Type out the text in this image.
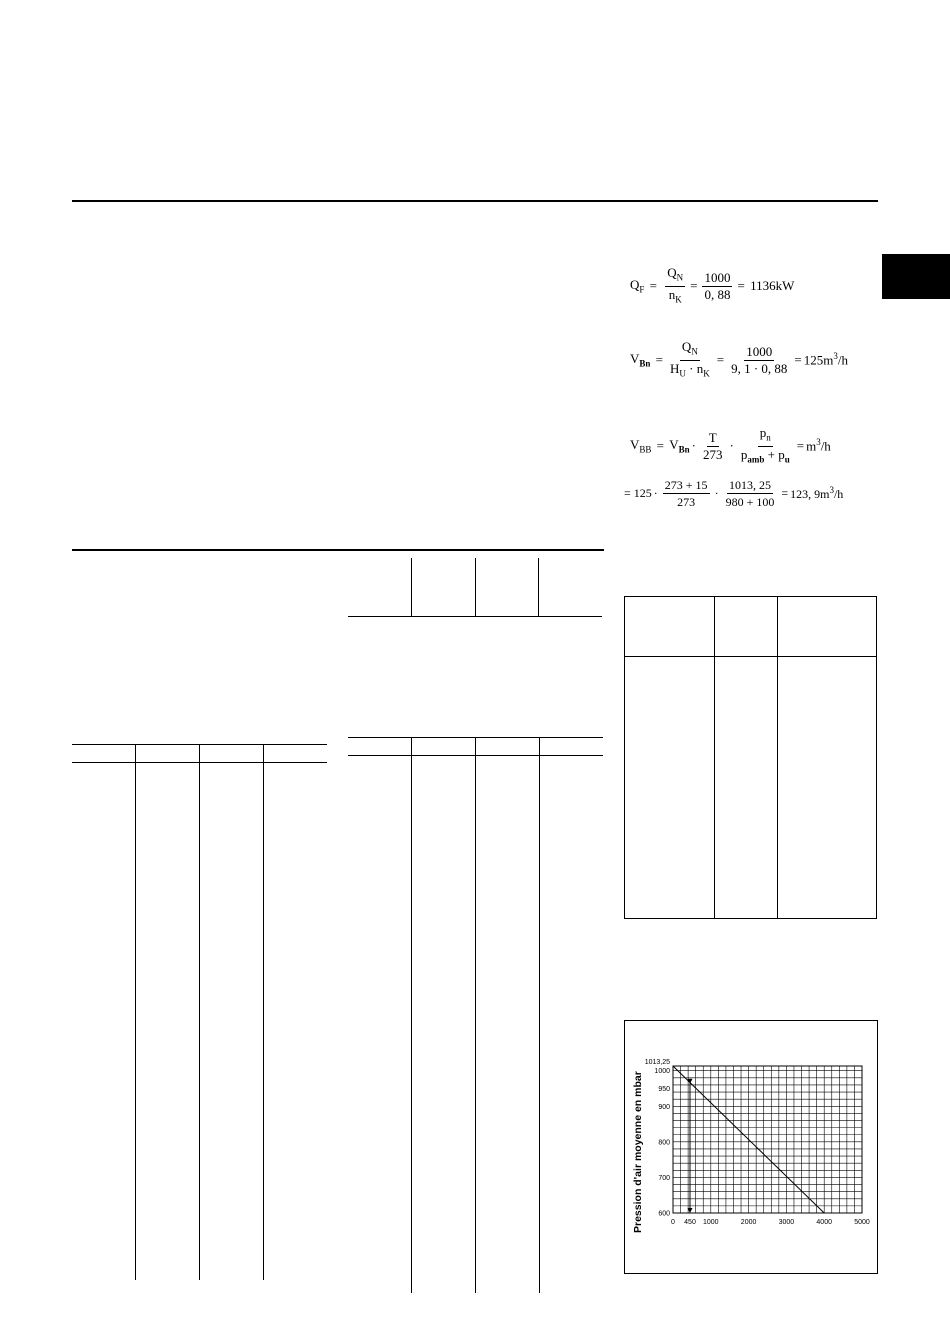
$Q_F = \frac{Q_N}{n_K} = \frac{1000}{0, 88} = 1136kW$
$V_{Bn} = \frac{Q_N}{H_U \cdot n_K} = \frac{1000}{9, 1 \cdot 0, 88} = 125m^3/h$
$V_{BB} = V_{Bn} \cdot \frac{T}{273} \cdot \frac{p_n}{p_{amb} + p_u} = m^3/h$
= $125 \cdot \frac{273 + 15}{273} \cdot \frac{1013, 25}{980 + 100} = 123$, $9m^3/h$

Pression d'air moyenne en mbar	0 450 1000	2000	3000	4000	5000
1013,25
1000
950
900
800
700
600
